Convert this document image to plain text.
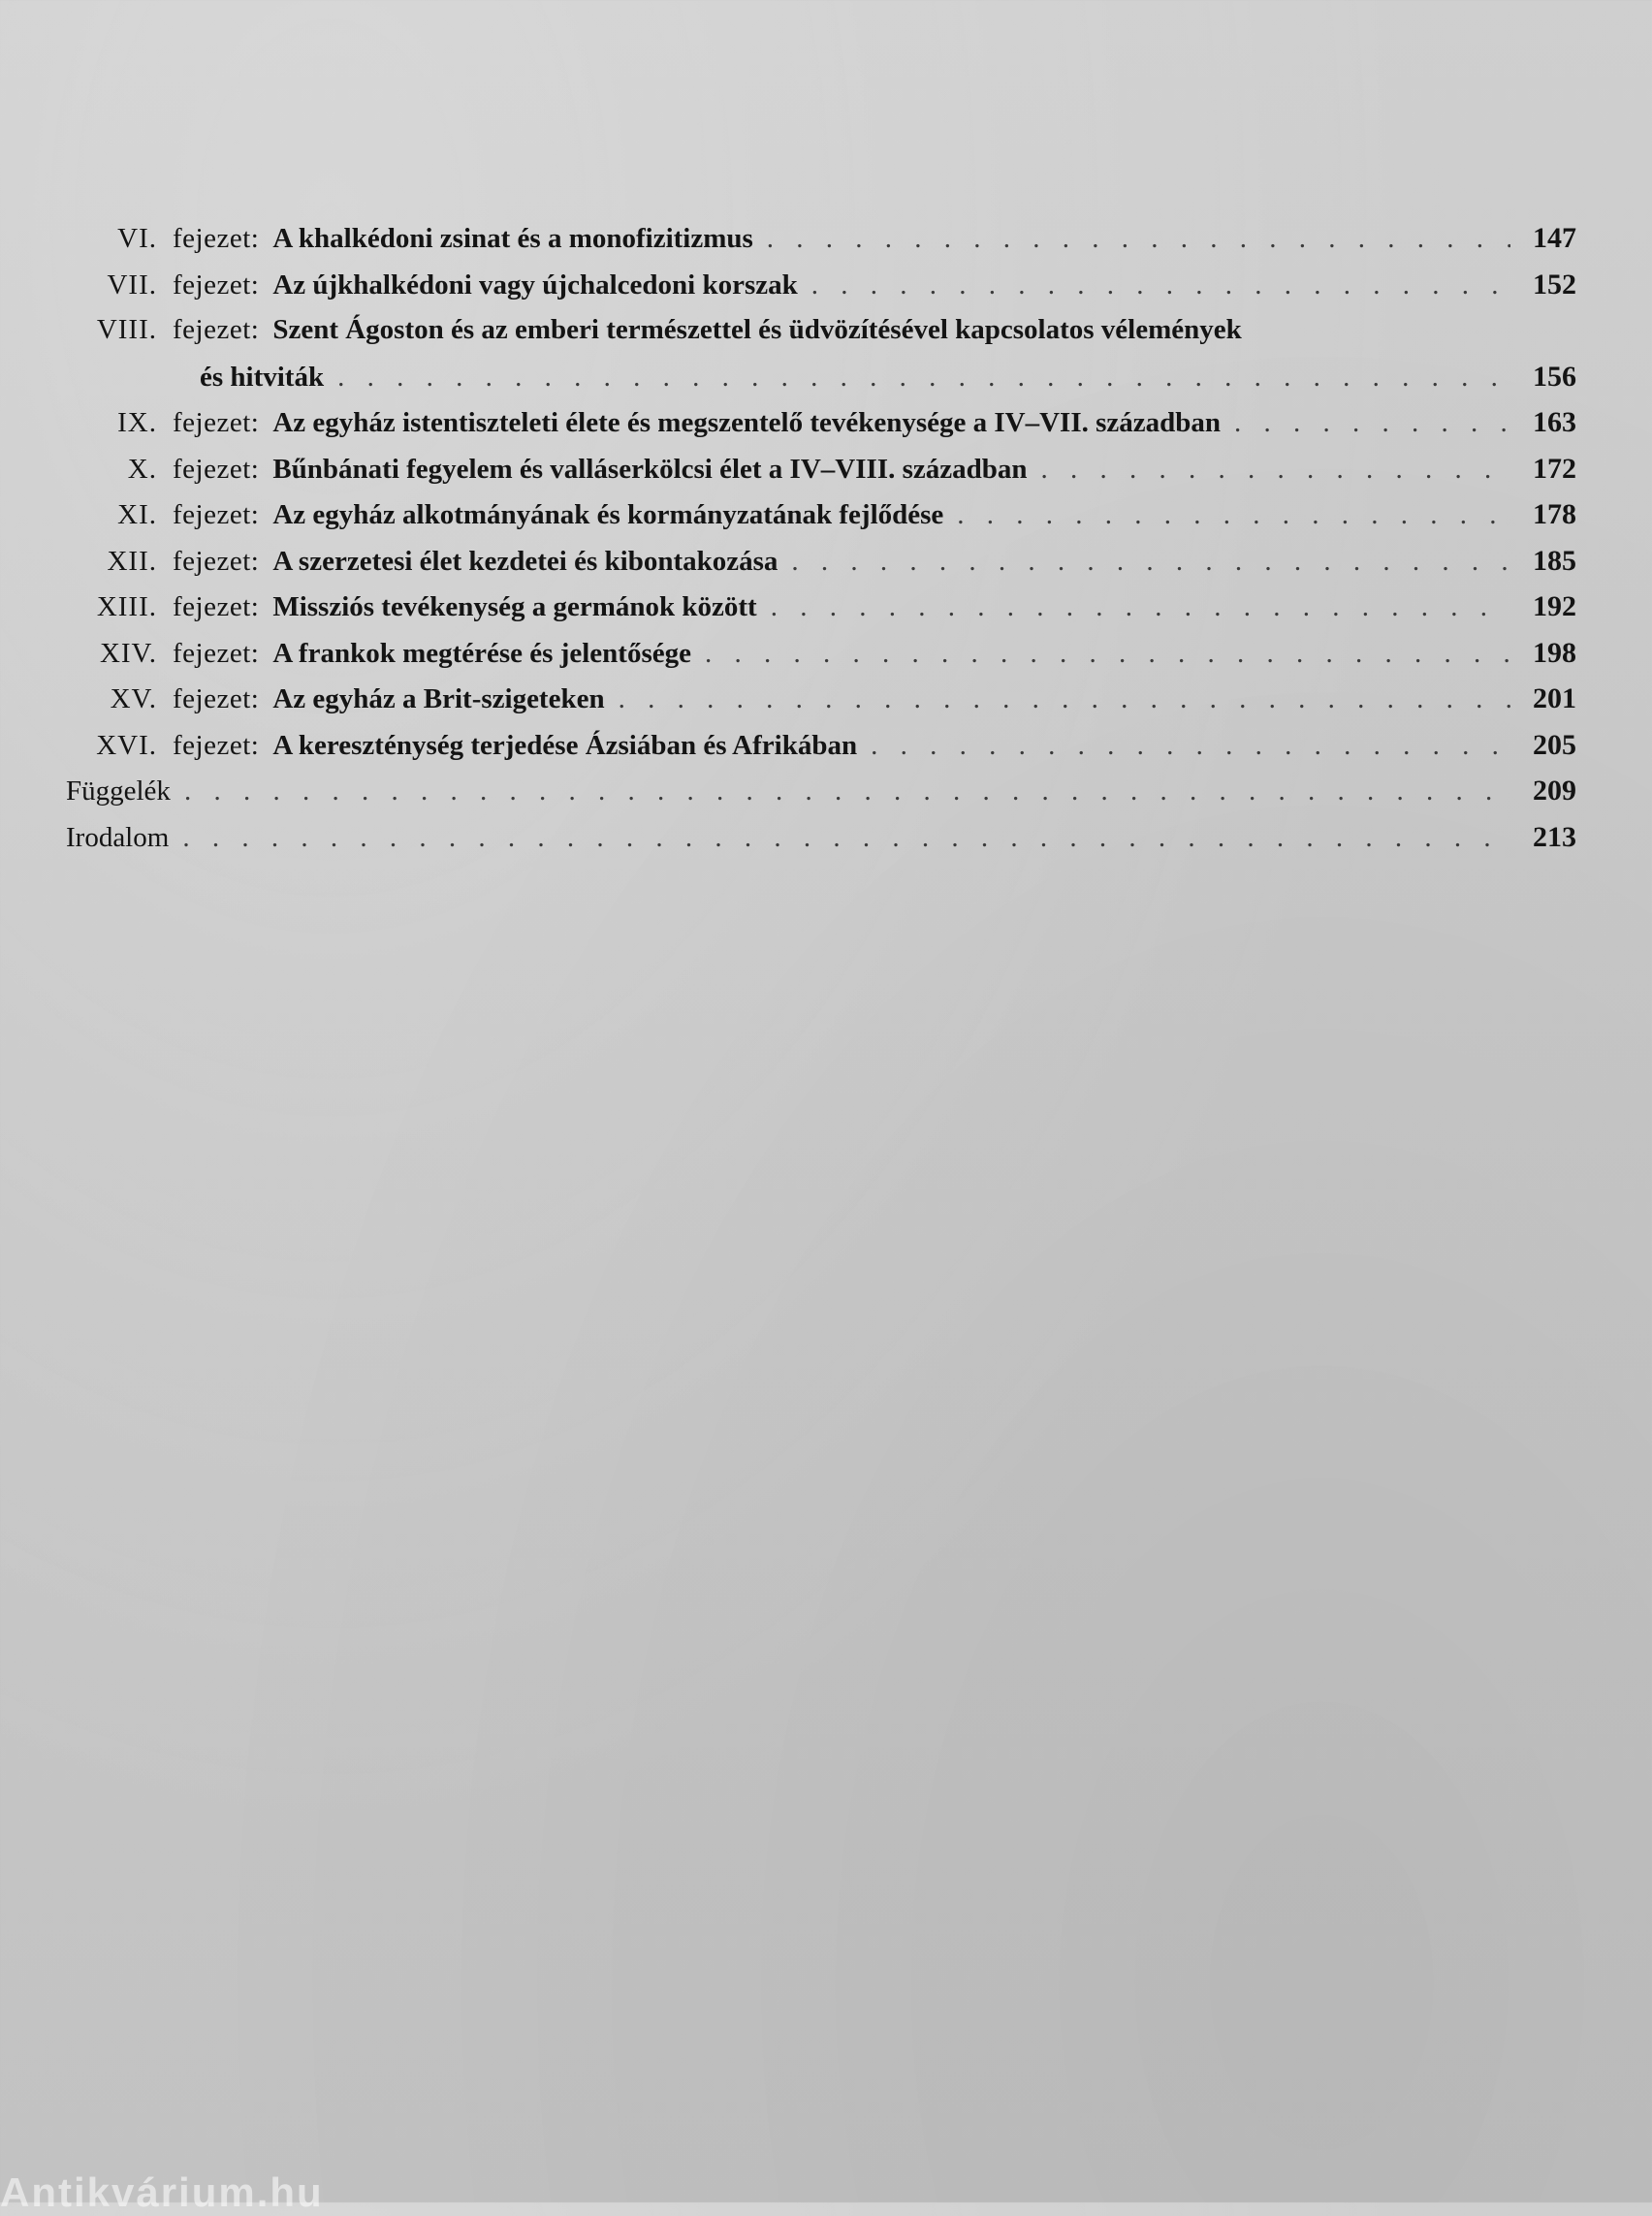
VI. fejezet: A khalkédoni zsinat és a monofizitizmus . . .	147
VII. fejezet: Az újkhalkédoni vagy újchalcedoni korszak . . .	152
VIII. fejezet: Szent Ágoston és az emberi természettel és üdvözítésével kapcsolatos vélemények
és hitviták . . .	156
IX. fejezet: Az egyház istentiszteleti élete és megszentelő tevékenysége a IV–VII. században . . .	163
X. fejezet: Bűnbánati fegyelem és valláserkölcsi élet a IV–VIII. században . . .	172
XI. fejezet: Az egyház alkotmányának és kormányzatának fejlődése . . .	178
XII. fejezet: A szerzetesi élet kezdetei és kibontakozása . . .	185
XIII. fejezet: Missziós tevékenység a germánok között . . .	192
XIV. fejezet: A frankok megtérése és jelentősége . . .	198
XV. fejezet: Az egyház a Brit-szigeteken . . .	201
XVI. fejezet: A kereszténység terjedése Ázsiában és Afrikában . . .	205
Függelék . . .	209
Irodalom . . .	213
Antikvárium.hu
